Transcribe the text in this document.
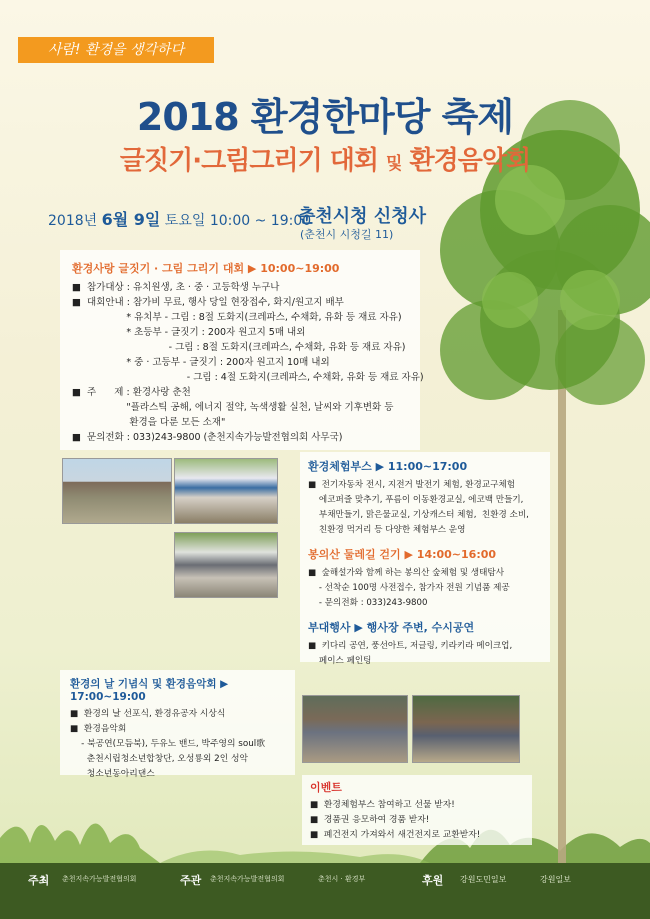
사람! 환경을 생각하다
2018 환경한마당 축제
글짓기·그림그리기 대회 및 환경음악회
2018년 6월 9일 토요일 10:00 ~ 19:00
춘천시청 신청사
(춘천시 시청길 11)
환경사랑 글짓기 · 그림 그리기 대회 ▶ 10:00~19:00
■  참가대상 : 유치원생, 초 · 중 · 고등학생 누구나
■  대회안내 : 참가비 무료, 행사 당일 현장접수, 화지/원고지 배부
* 유치부 - 그림 : 8절 도화지(크레파스, 수채화, 유화 등 재료 자유)
* 초등부 - 글짓기 : 200자 원고지 5매 내외
- 그림 : 8절 도화지(크레파스, 수채화, 유화 등 재료 자유)
* 중 · 고등부 - 글짓기 : 200자 원고지 10매 내외
- 그림 : 4절 도화지(크레파스, 수채화, 유화 등 재료 자유)
■  주      제 : 환경사랑 춘천
"플라스틱 공해, 에너지 절약, 녹색생활 실천, 날씨와 기후변화 등
환경을 다룬 모든 소재"
■  문의전화 : 033)243-9800 (춘천지속가능발전협의회 사무국)
환경체험부스 ▶ 11:00~17:00
■  전기자동차 전시, 지전거 발전기 체험, 환경교구체험
에코퍼즐 맞추기, 푸름이 이동환경교실, 에코백 만들기,
부채만들기, 맑은물교실, 기상캐스터 체험,  친환경 소비,
친환경 먹거리 등 다양한 체험부스 운영
봉의산 둘레길 걷기 ▶ 14:00~16:00
■  숲해설가와 함께 하는 봉의산 숲체험 및 생태탐사
- 선착순 100명 사전접수, 참가자 전원 기념품 제공
- 문의전화 : 033)243-9800
부대행사 ▶ 행사장 주변, 수시공연
■  키다리 공연, 풍선아트, 저글링, 키라키라 메이크업,
페이스 페인팅
환경의 날 기념식 및 환경음악회 ▶ 17:00~19:00
■  환경의 날 선포식, 환경유공자 시상식
■  환경음악회
- 북공연(모듬북), 두유노 밴드, 박주영의 soul歌
춘천시립청소년합창단, 오성룡외 2인 성악
청소년동아리댄스
이벤트
■  환경체험부스 참여하고 선물 받자!
■  경품권 응모하여 경품 받자!
■  폐건전지 가져와서 새건전지로 교환받자!
주최 춘천지속가능발전협의회	주관 춘천지속가능발전협의회	춘천시 · 환경부	후원 강원도민일보	강원일보
